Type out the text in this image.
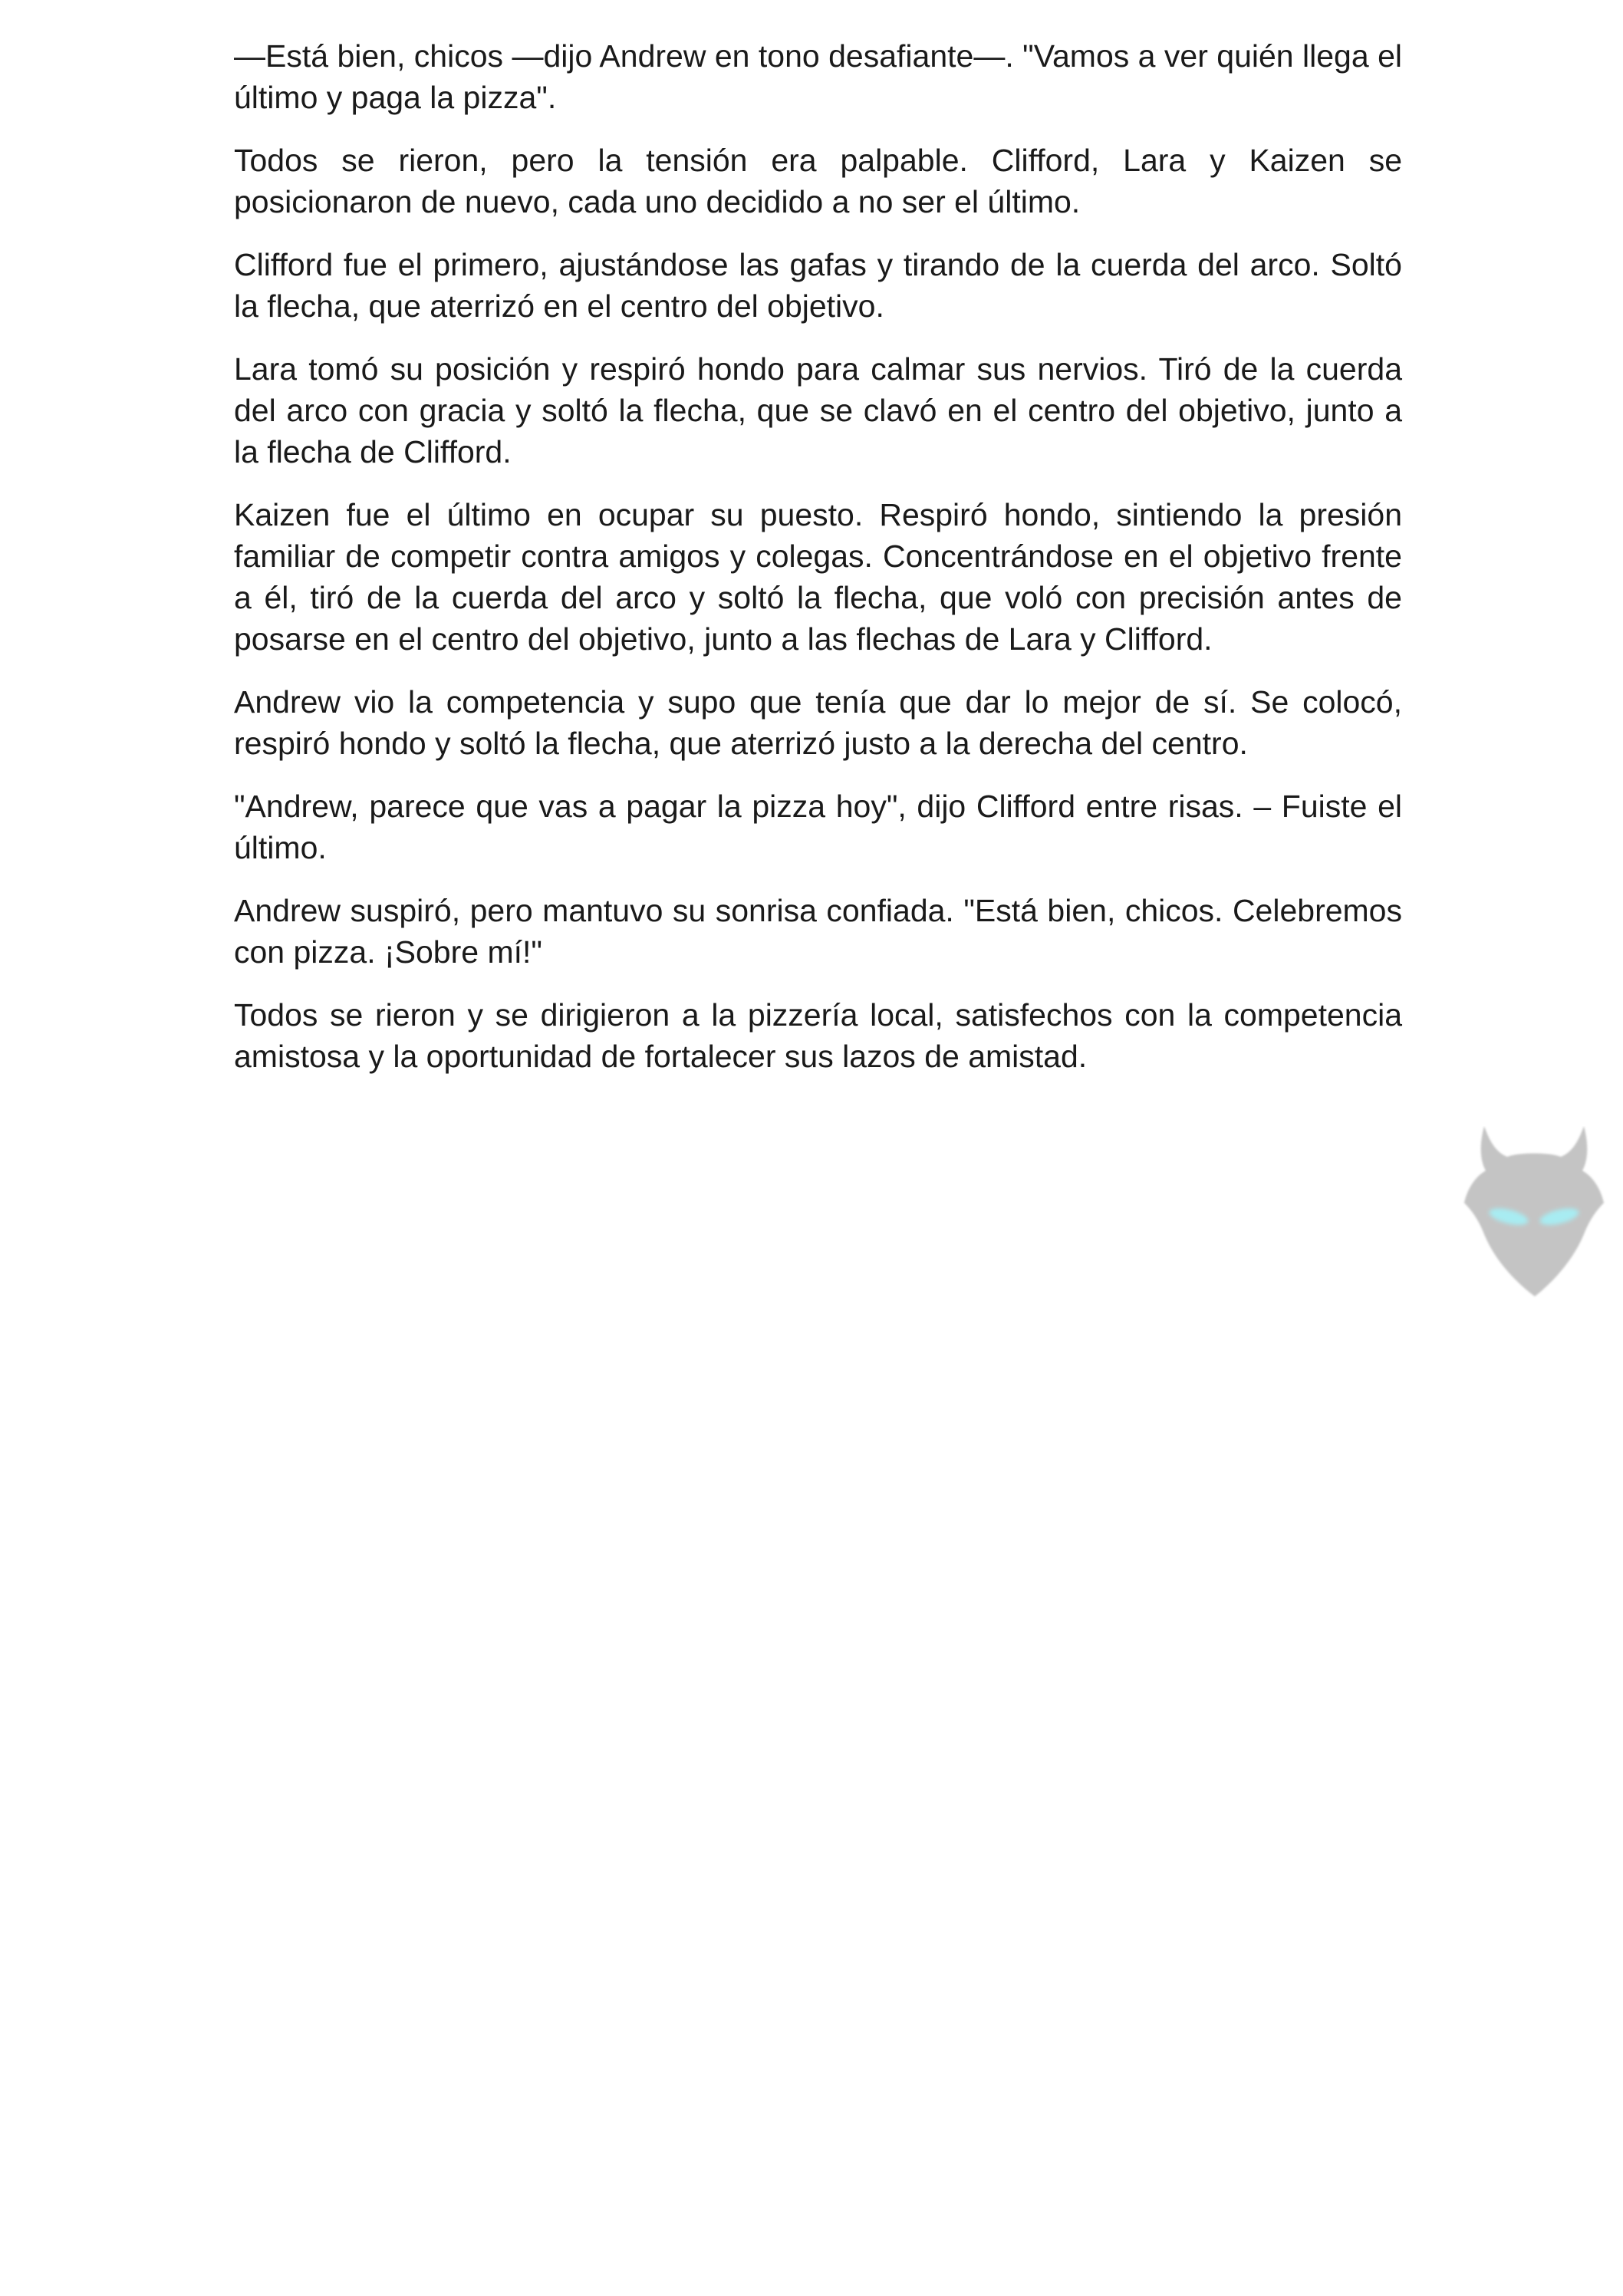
—Está bien, chicos —dijo Andrew en tono desafiante—. "Vamos a ver quién llega el último y paga la pizza".

Todos se rieron, pero la tensión era palpable. Clifford, Lara y Kaizen se posicionaron de nuevo, cada uno decidido a no ser el último.

Clifford fue el primero, ajustándose las gafas y tirando de la cuerda del arco. Soltó la flecha, que aterrizó en el centro del objetivo.

Lara tomó su posición y respiró hondo para calmar sus nervios. Tiró de la cuerda del arco con gracia y soltó la flecha, que se clavó en el centro del objetivo, junto a la flecha de Clifford.

Kaizen fue el último en ocupar su puesto. Respiró hondo, sintiendo la presión familiar de competir contra amigos y colegas. Concentrándose en el objetivo frente a él, tiró de la cuerda del arco y soltó la flecha, que voló con precisión antes de posarse en el centro del objetivo, junto a las flechas de Lara y Clifford.

Andrew vio la competencia y supo que tenía que dar lo mejor de sí. Se colocó, respiró hondo y soltó la flecha, que aterrizó justo a la derecha del centro.

"Andrew, parece que vas a pagar la pizza hoy", dijo Clifford entre risas. – Fuiste el último.

Andrew suspiró, pero mantuvo su sonrisa confiada. "Está bien, chicos. Celebremos con pizza. ¡Sobre mí!"

Todos se rieron y se dirigieron a la pizzería local, satisfechos con la competencia amistosa y la oportunidad de fortalecer sus lazos de amistad.
